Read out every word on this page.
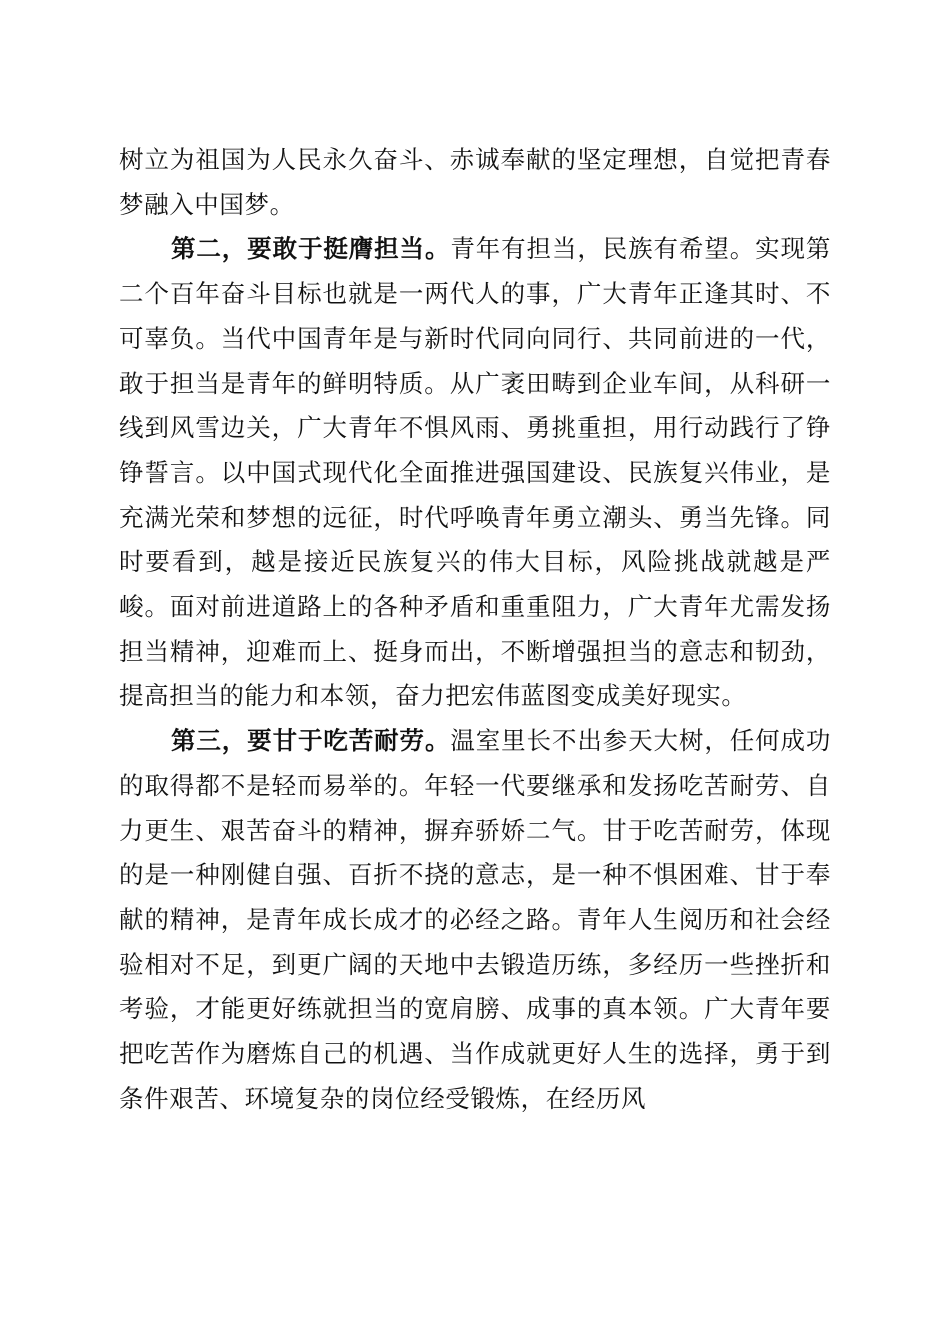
树立为祖国为人民永久奋斗、赤诚奉献的坚定理想，自觉把青春梦融入中国梦。

第二，要敢于挺膺担当。青年有担当，民族有希望。实现第二个百年奋斗目标也就是一两代人的事，广大青年正逢其时、不可辜负。当代中国青年是与新时代同向同行、共同前进的一代，敢于担当是青年的鲜明特质。从广袤田畴到企业车间，从科研一线到风雪边关，广大青年不惧风雨、勇挑重担，用行动践行了铮铮誓言。以中国式现代化全面推进强国建设、民族复兴伟业，是充满光荣和梦想的远征，时代呼唤青年勇立潮头、勇当先锋。同时要看到，越是接近民族复兴的伟大目标，风险挑战就越是严峻。面对前进道路上的各种矛盾和重重阻力，广大青年尤需发扬担当精神，迎难而上、挺身而出，不断增强担当的意志和韧劲，提高担当的能力和本领，奋力把宏伟蓝图变成美好现实。

第三，要甘于吃苦耐劳。温室里长不出参天大树，任何成功的取得都不是轻而易举的。年轻一代要继承和发扬吃苦耐劳、自力更生、艰苦奋斗的精神，摒弃骄娇二气。甘于吃苦耐劳，体现的是一种刚健自强、百折不挠的意志，是一种不惧困难、甘于奉献的精神，是青年成长成才的必经之路。青年人生阅历和社会经验相对不足，到更广阔的天地中去锻造历练，多经历一些挫折和考验，才能更好练就担当的宽肩膀、成事的真本领。广大青年要把吃苦作为磨炼自己的机遇、当作成就更好人生的选择，勇于到条件艰苦、环境复杂的岗位经受锻炼，在经历风
